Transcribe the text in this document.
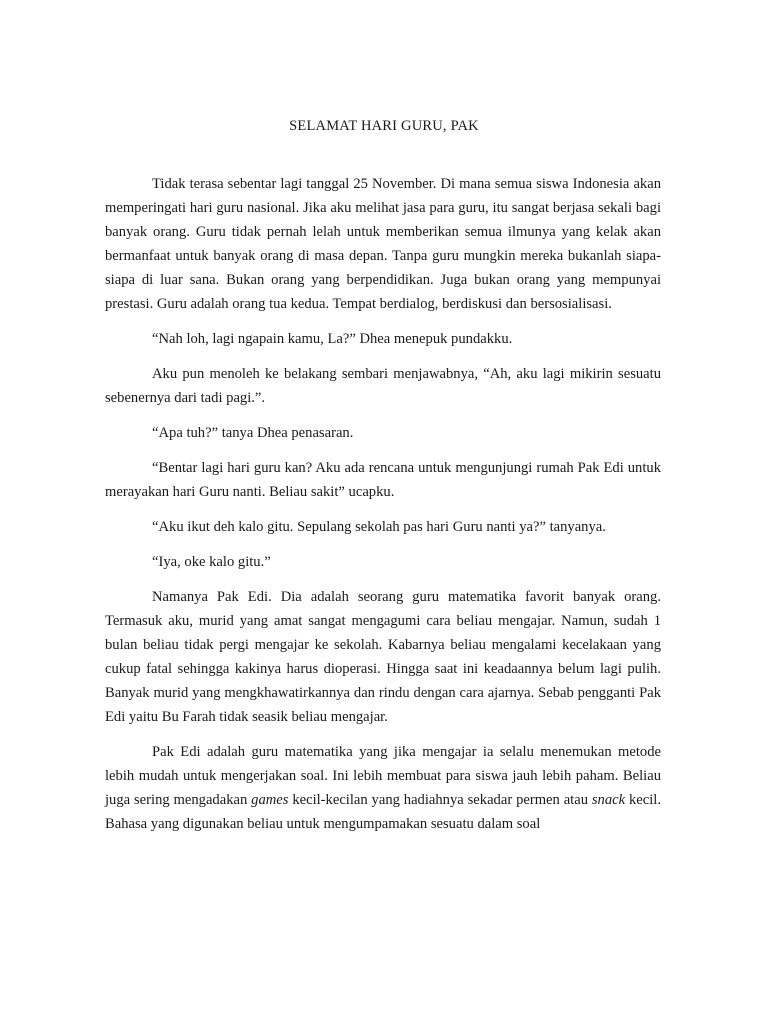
SELAMAT HARI GURU, PAK

Tidak terasa sebentar lagi tanggal 25 November. Di mana semua siswa Indonesia akan memperingati hari guru nasional. Jika aku melihat jasa para guru, itu sangat berjasa sekali bagi banyak orang. Guru tidak pernah lelah untuk memberikan semua ilmunya yang kelak akan bermanfaat untuk banyak orang di masa depan. Tanpa guru mungkin mereka bukanlah siapa-siapa di luar sana. Bukan orang yang berpendidikan. Juga bukan orang yang mempunyai prestasi. Guru adalah orang tua kedua. Tempat berdialog, berdiskusi dan bersosialisasi.

“Nah loh, lagi ngapain kamu, La?” Dhea menepuk pundakku.

Aku pun menoleh ke belakang sembari menjawabnya, “Ah, aku lagi mikirin sesuatu sebenernya dari tadi pagi.”.

“Apa tuh?” tanya Dhea penasaran.

“Bentar lagi hari guru kan? Aku ada rencana untuk mengunjungi rumah Pak Edi untuk merayakan hari Guru nanti. Beliau sakit” ucapku.

“Aku ikut deh kalo gitu. Sepulang sekolah pas hari Guru nanti ya?” tanyanya.

“Iya, oke kalo gitu.”

Namanya Pak Edi. Dia adalah seorang guru matematika favorit banyak orang. Termasuk aku, murid yang amat sangat mengagumi cara beliau mengajar. Namun, sudah 1 bulan beliau tidak pergi mengajar ke sekolah. Kabarnya beliau mengalami kecelakaan yang cukup fatal sehingga kakinya harus dioperasi. Hingga saat ini keadaannya belum lagi pulih. Banyak murid yang mengkhawatirkannya dan rindu dengan cara ajarnya. Sebab pengganti Pak Edi yaitu Bu Farah tidak seasik beliau mengajar.

Pak Edi adalah guru matematika yang jika mengajar ia selalu menemukan metode lebih mudah untuk mengerjakan soal. Ini lebih membuat para siswa jauh lebih paham. Beliau juga sering mengadakan games kecil-kecilan yang hadiahnya sekadar permen atau snack kecil. Bahasa yang digunakan beliau untuk mengumpamakan sesuatu dalam soal
